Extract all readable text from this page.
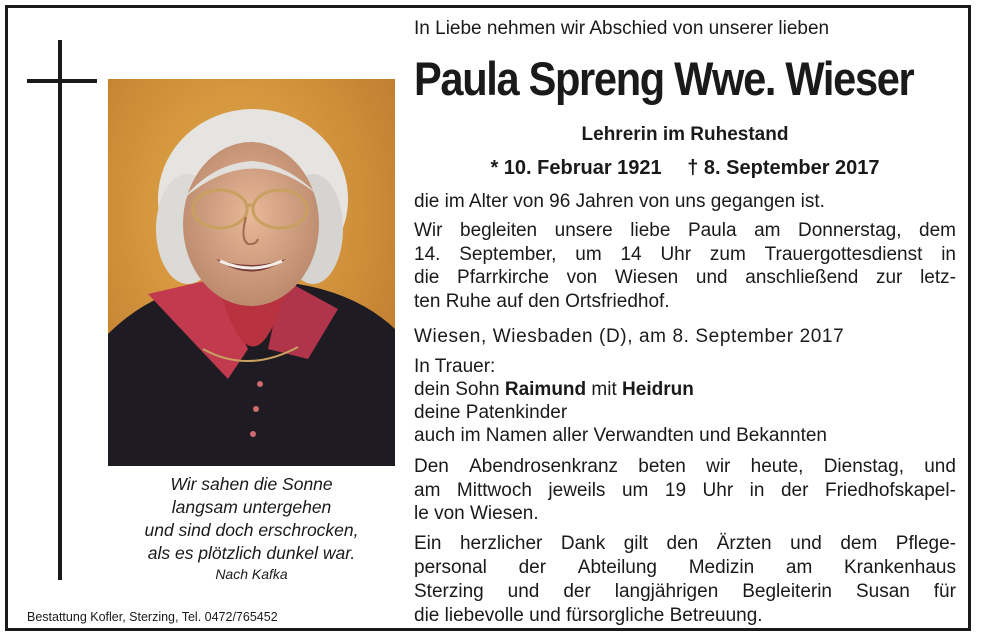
Wir sahen die Sonne
langsam untergehen
und sind doch erschrocken,
als es plötzlich dunkel war.
Nach Kafka
Bestattung Kofler, Sterzing, Tel. 0472/765452
In Liebe nehmen wir Abschied von unserer lieben
Paula Spreng Wwe. Wieser
Lehrerin im Ruhestand
* 10. Februar 1921 † 8. September 2017
die im Alter von 96 Jahren von uns gegangen ist.
Wir begleiten unsere liebe Paula am Donnerstag, dem
14. September, um 14 Uhr zum Trauergottesdienst in
die Pfarrkirche von Wiesen und anschließend zur letz-
ten Ruhe auf den Ortsfriedhof.
Wiesen, Wiesbaden (D), am 8. September 2017
In Trauer:
dein Sohn Raimund mit Heidrun
deine Patenkinder
auch im Namen aller Verwandten und Bekannten
Den Abendrosenkranz beten wir heute, Dienstag, und
am Mittwoch jeweils um 19 Uhr in der Friedhofskapel-
le von Wiesen.
Ein herzlicher Dank gilt den Ärzten und dem Pflege-
personal der Abteilung Medizin am Krankenhaus
Sterzing und der langjährigen Begleiterin Susan für
die liebevolle und fürsorgliche Betreuung.
